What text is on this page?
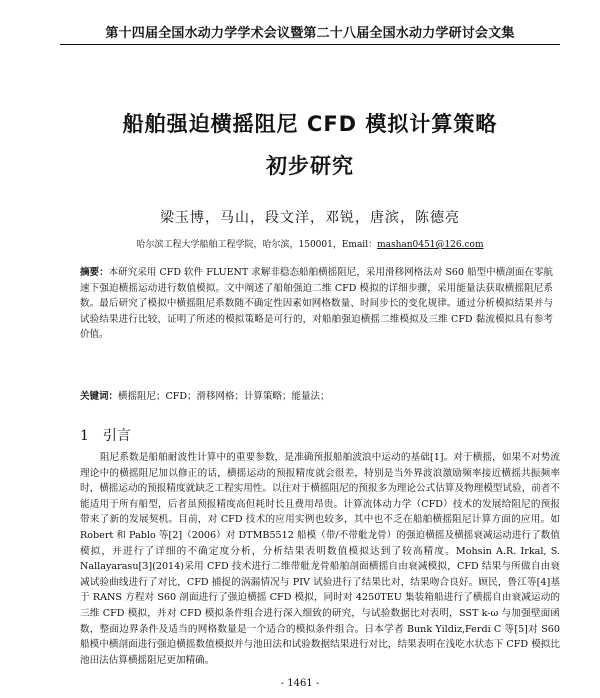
第十四届全国水动力学学术会议暨第二十八届全国水动力学研讨会文集
船舶强迫横摇阻尼 CFD 模拟计算策略
初步研究
梁玉博，马山，段文洋，邓锐，唐滨，陈德亮
哈尔滨工程大学船舶工程学院，哈尔滨，150001，Email：mashan0451@126.com
摘要：本研究采用 CFD 软件 FLUENT 求解非稳态船舶横摇阻尼，采用滑移网格法对 S60 船型中横剖面在零航速下强迫横摇运动进行数值模拟。文中阐述了船舶强迫二维 CFD 模拟的详细步骤，采用能量法获取横摇阻尼系数。最后研究了模拟中横摇阻尼系数随不确定性因素如网格数量、时间步长的变化规律。通过分析模拟结果并与试验结果进行比较，证明了所述的模拟策略是可行的，对船舶强迫横摇二维模拟及三维 CFD 黏流模拟具有参考价值。
关键词：横摇阻尼；CFD；滑移网格；计算策略；能量法；
1 引言

阻尼系数是船舶耐波性计算中的重要参数，是准确预报船舶波浪中运动的基础[1]。对于横摇，如果不对势流理论中的横摇阻尼加以修正的话，横摇运动的预报精度就会很差，特别是当外界波浪激励频率接近横摇共振频率时，横摇运动的预报精度就缺乏工程实用性。以往对于横摇阻尼的预报多为理论公式估算及物理模型试验，前者不能适用于所有船型，后者虽预报精度高但耗时长且费用昂贵。计算流体动力学（CFD）技术的发展给阻尼的预报带来了新的发展契机。目前，对 CFD 技术的应用实例也较多，其中也不乏在船舶横摇阻尼计算方面的应用。如 Robert 和 Pablo 等[2]（2006）对 DTMB5512 船模（带/不带舭龙骨）的强迫横摇及横摇衰减运动进行了数值模拟，并进行了详细的不确定度分析，分析结果表明数值模拟达到了较高精度。Mohsin A.R. Irkal, S. Nallayarasu[3](2014)采用 CFD 技术进行二维带舭龙骨船舶剖面横摇自由衰减模拟，CFD 结果与所做自由衰减试验曲线进行了对比，CFD 捕捉的涡漏情况与 PIV 试验进行了结果比对，结果吻合良好。顾民，鲁江等[4]基于 RANS 方程对 S60 剖面进行了强迫横摇 CFD 模拟，同时对 4250TEU 集装箱船进行了横摇自由衰减运动的三维 CFD 模拟，并对 CFD 模拟条件组合进行深入细致的研究，与试验数据比对表明，SST k-ω 与加强壁面函数，整面边界条件及适当的网格数量是一个适合的模拟条件组合。日本学者 Bunk Yildiz,Ferdi C 等[5]对 S60 船模中横剖面进行强迫横摇数值模拟并与池田法和试验数据结果进行对比，结果表明在浅吃水状态下 CFD 模拟比池田法估算横摇阻尼更加精确。

- 1461 -
